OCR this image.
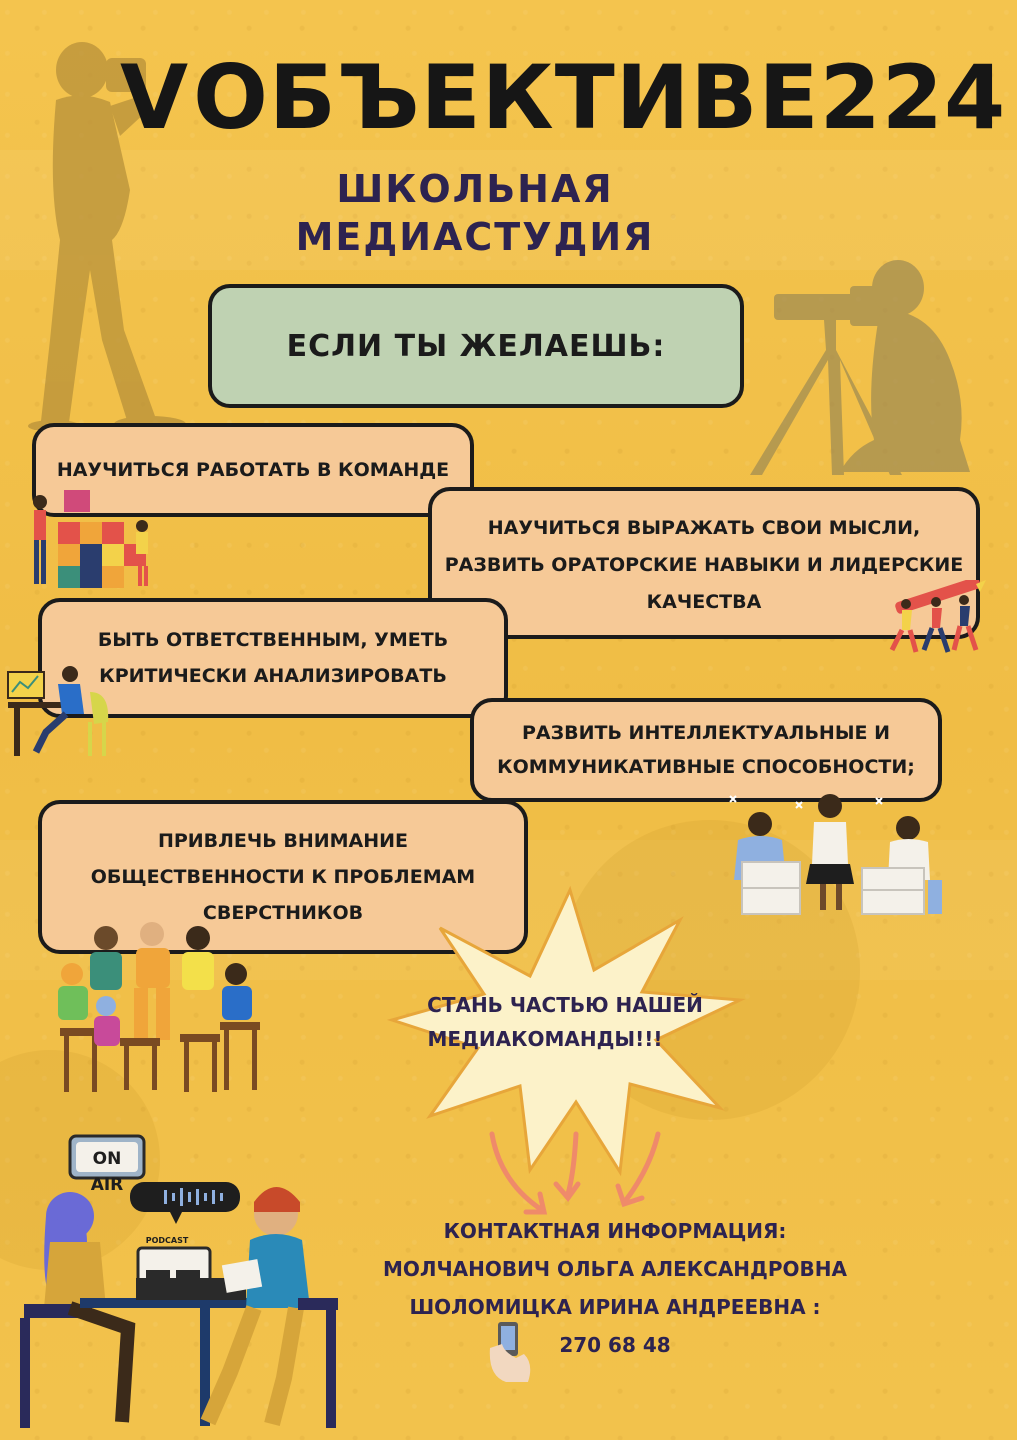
V ОБЪЕКТИВЕ224
ШКОЛЬНАЯ
МЕДИАСТУДИЯ
ЕСЛИ ТЫ ЖЕЛАЕШЬ:
НАУЧИТЬСЯ РАБОТАТЬ В КОМАНДЕ
НАУЧИТЬСЯ ВЫРАЖАТЬ СВОИ МЫСЛИ,
РАЗВИТЬ ОРАТОРСКИЕ НАВЫКИ И ЛИДЕРСКИЕ
КАЧЕСТВА
БЫТЬ ОТВЕТСТВЕННЫМ, УМЕТЬ
КРИТИЧЕСКИ АНАЛИЗИРОВАТЬ
РАЗВИТЬ ИНТЕЛЛЕКТУАЛЬНЫЕ И
КОММУНИКАТИВНЫЕ СПОСОБНОСТИ;
ПРИВЛЕЧЬ ВНИМАНИЕ
ОБЩЕСТВЕННОСТИ К ПРОБЛЕМАМ
СВЕРСТНИКОВ
СТАНЬ ЧАСТЬЮ НАШЕЙ
МЕДИАКОМАНДЫ!!!
ON AIR
PODCAST	КОНТАКТНАЯ ИНФОРМАЦИЯ:
МОЛЧАНОВИЧ ОЛЬГА АЛЕКСАНДРОВНА
ШОЛОМИЦКА ИРИНА АНДРЕЕВНА :
270 68 48
